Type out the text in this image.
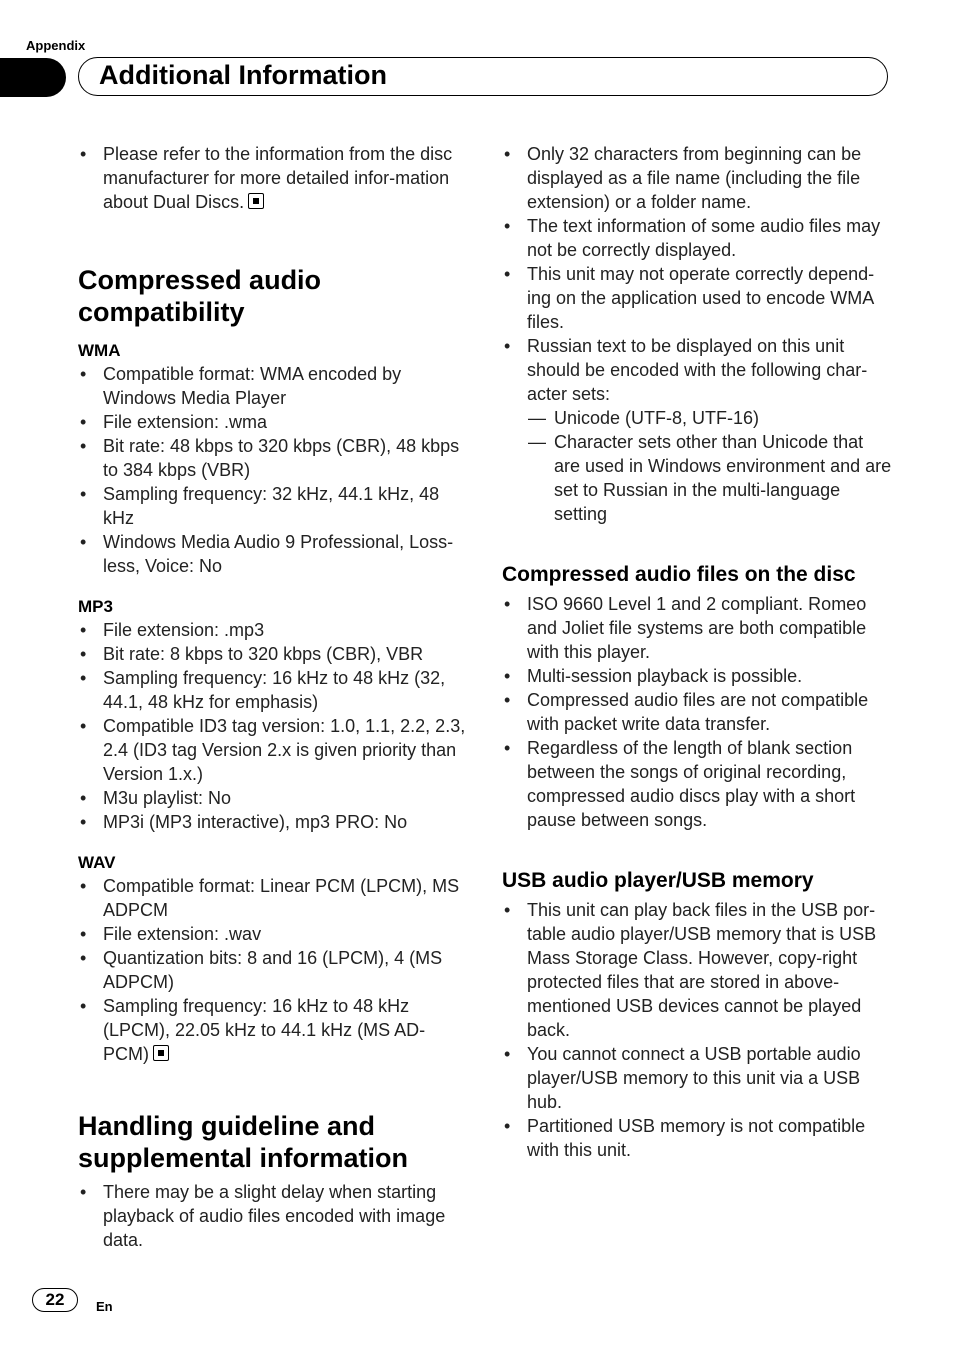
Appendix
Additional Information
• Please refer to the information from the disc manufacturer for more detailed infor-mation about Dual Discs.
Compressed audio
compatibility
WMA
• Compatible format: WMA encoded by Windows Media Player
• File extension: .wma
• Bit rate: 48 kbps to 320 kbps (CBR), 48 kbps to 384 kbps (VBR)
• Sampling frequency: 32 kHz, 44.1 kHz, 48 kHz
• Windows Media Audio 9 Professional, Loss-less, Voice: No
MP3
• File extension: .mp3
• Bit rate: 8 kbps to 320 kbps (CBR), VBR
• Sampling frequency: 16 kHz to 48 kHz (32, 44.1, 48 kHz for emphasis)
• Compatible ID3 tag version: 1.0, 1.1, 2.2, 2.3, 2.4 (ID3 tag Version 2.x is given priority than Version 1.x.)
• M3u playlist: No
• MP3i (MP3 interactive), mp3 PRO: No
WAV
• Compatible format: Linear PCM (LPCM), MS ADPCM
• File extension: .wav
• Quantization bits: 8 and 16 (LPCM), 4 (MS ADPCM)
• Sampling frequency: 16 kHz to 48 kHz (LPCM), 22.05 kHz to 44.1 kHz (MS AD-PCM)
Handling guideline and
supplemental information
• There may be a slight delay when starting playback of audio files encoded with image data.
• Only 32 characters from beginning can be displayed as a file name (including the file extension) or a folder name.
• The text information of some audio files may not be correctly displayed.
• This unit may not operate correctly depend-ing on the application used to encode WMA files.
• Russian text to be displayed on this unit should be encoded with the following char-acter sets:
— Unicode (UTF-8, UTF-16)
— Character sets other than Unicode that are used in Windows environment and are set to Russian in the multi-language setting
Compressed audio files on the disc
• ISO 9660 Level 1 and 2 compliant. Romeo and Joliet file systems are both compatible with this player.
• Multi-session playback is possible.
• Compressed audio files are not compatible with packet write data transfer.
• Regardless of the length of blank section between the songs of original recording, compressed audio discs play with a short pause between songs.
USB audio player/USB memory
• This unit can play back files in the USB por-table audio player/USB memory that is USB Mass Storage Class. However, copy-right protected files that are stored in above-mentioned USB devices cannot be played back.
• You cannot connect a USB portable audio player/USB memory to this unit via a USB hub.
• Partitioned USB memory is not compatible with this unit.
22	En
